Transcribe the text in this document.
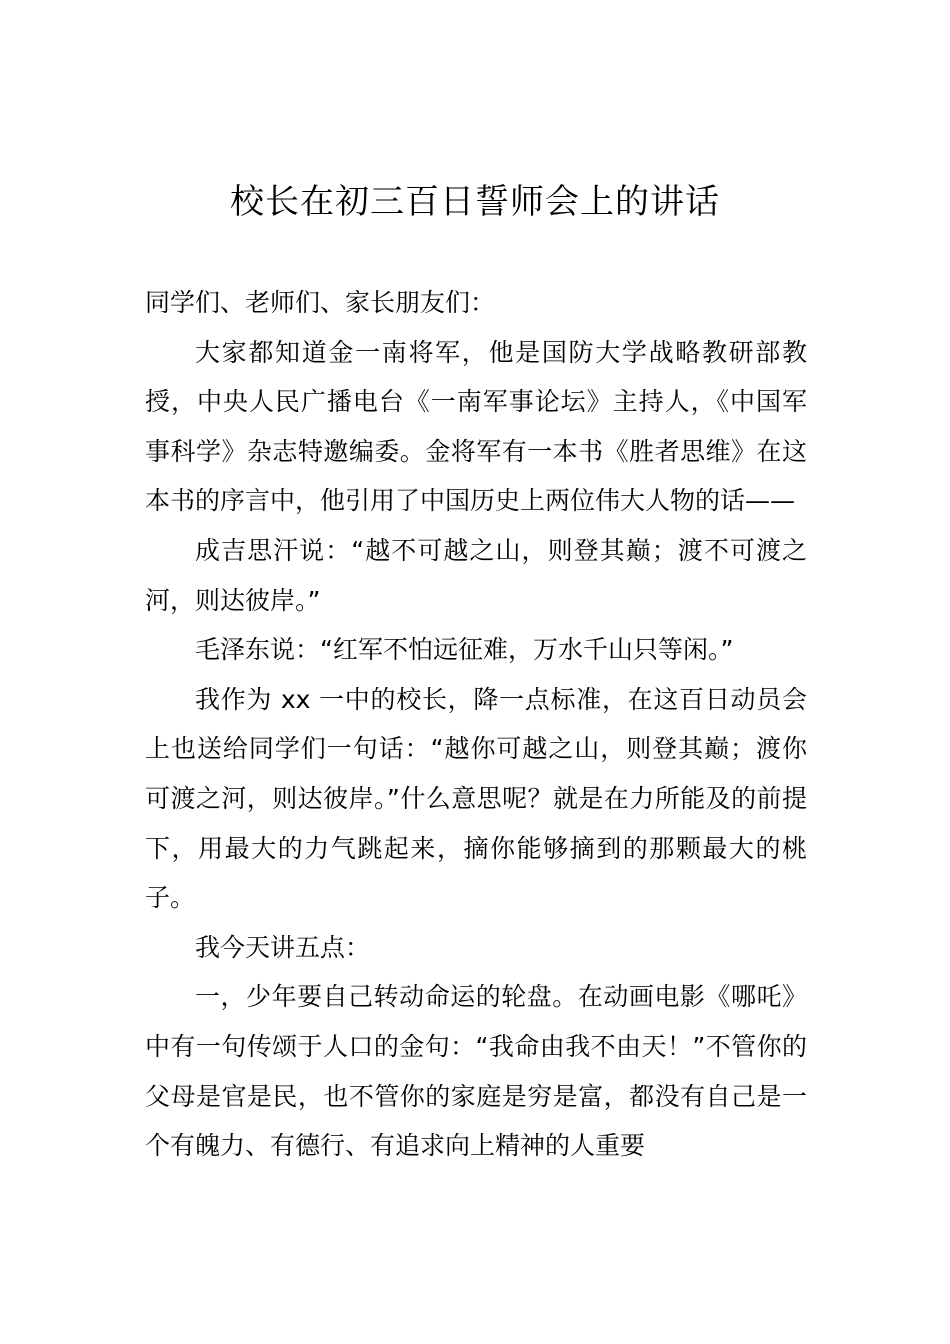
校长在初三百日誓师会上的讲话

同学们、老师们、家长朋友们：

大家都知道金一南将军，他是国防大学战略教研部教授，中央人民广播电台《一南军事论坛》主持人，《中国军事科学》杂志特邀编委。金将军有一本书《胜者思维》在这本书的序言中，他引用了中国历史上两位伟大人物的话——

成吉思汗说：“越不可越之山，则登其巅；渡不可渡之河，则达彼岸。”

毛泽东说：“红军不怕远征难，万水千山只等闲。”

我作为 xx 一中的校长，降一点标准，在这百日动员会上也送给同学们一句话：“越你可越之山，则登其巅；渡你可渡之河，则达彼岸。”什么意思呢？就是在力所能及的前提下，用最大的力气跳起来，摘你能够摘到的那颗最大的桃子。

我今天讲五点：

一，少年要自己转动命运的轮盘。在动画电影《哪吒》中有一句传颂于人口的金句：“我命由我不由天！”不管你的父母是官是民，也不管你的家庭是穷是富，都没有自己是一个有魄力、有德行、有追求向上精神的人重要
